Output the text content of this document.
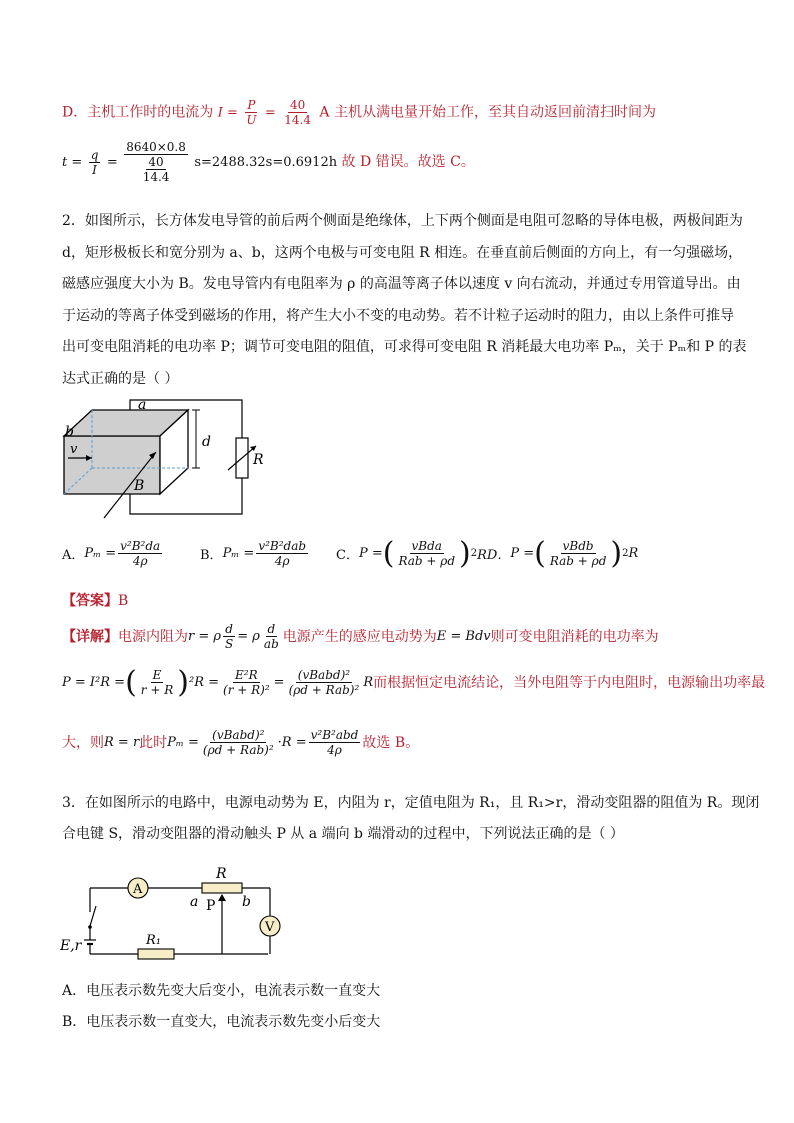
D．主机工作时的电流为 $I = \frac{P}{U} = \frac{40}{14.4}$ A 主机从满电量开始工作，至其自动返回前清扫时间为
$t = \frac{q}{I} = \frac{8640\times 0.8}{\frac{40}{14.4}} s=2488.32s=0.6912h$ 故 D 错误。故选 C。
2．如图所示，长方体发电导管的前后两个侧面是绝缘体，上下两个侧面是电阻可忽略的导体电极，两极间距为
d，矩形极板长和宽分别为 a、b，这两个电极与可变电阻 R 相连。在垂直前后侧面的方向上，有一匀强磁场，
磁感应强度大小为 B。发电导管内有电阻率为 ρ 的高温等离子体以速度 v 向右流动，并通过专用管道导出。由
于运动的等离子体受到磁场的作用，将产生大小不变的电动势。若不计粒子运动时的阻力，由以上条件可推导
出可变电阻消耗的电功率 P；调节可变电阻的阻值，可求得可变电阻 R 消耗最大电功率 Pₘ，关于 Pₘ和 P 的表
达式正确的是（ ）
a
b
d
v
B
R
A． $P_m = \frac{\text{v²B²da}}{4\rho}$	B． $P_m = \frac{\text{v²B²dab}}{4\rho}$ C． P = ( $\frac{\text{vBda}}{\text{Rab + ρd}}$ ) 2 RD． P = ( $\frac{\text{vBdb}}{\text{Rab + ρd}}$ ) 2 R
【答案】B
【详解】 电源内阻为 r = ρ $\frac{d}{S} = \rho \frac{d}{ab}$ 电源产生的感应电动势为 E = Bdv 则可变电阻消耗的电功率为
P = I²R = ( $\frac{E}{r + R}$ ) $^2R = \frac{\text{E²R}}{\text{(r + R)²}} = \frac{\text{(vBabd)²}}{\text{(ρd + Rab)²}}$ R 而根据恒定电流结论，当外电阻等于内电阻时，电源输出功率最
大，则 R = r 此时 $P_m = \frac{\text{(vBabd)²}}{\text{(ρd + Rab)²}} \cdot R = \frac{\text{v²B²abd}}{4\rho}$ 故选 B。
3．在如图所示的电路中，电源电动势为 E，内阻为 r，定值电阻为 R₁，且 R₁>r，滑动变阻器的阻值为 R。现闭
合电键 S，滑动变阻器的滑动触头 P 从 a 端向 b 端滑动的过程中，下列说法正确的是（ ）
A
V
R
a	b
P
R₁
E,r
A．电压表示数先变大后变小，电流表示数一直变大
B．电压表示数一直变大，电流表示数先变小后变大
